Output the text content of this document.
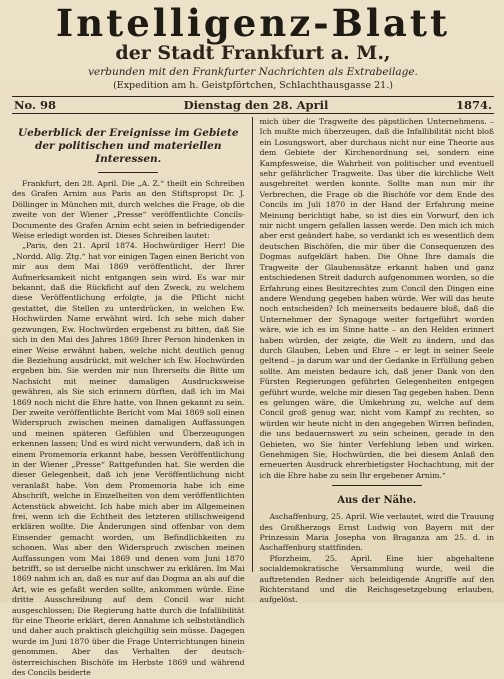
Intelligenz-Blatt
der Stadt Frankfurt a. M.,
verbunden mit den Frankfurter Nachrichten als Extrabeilage.
(Expedition am h. Geistpförtchen, Schlachthausgasse 21.)
No. 98	Dienstag den 28. April	1874.
Ueberblick der Ereignisse im Gebiete der politischen und materiellen Interessen.

Frankfurt, den 28. April. Die „A. Z.“ theilt ein Schreiben des Grafen Arnim aus Paris an den Stiftspropst Dr. J. Döllinger in München mit, durch welches die Frage, ob die zweite von der Wiener „Presse“ veröffentlichte Concils-Documente des Grafen Arnim echt seien in befriedigender Weise erledigt worden ist. Dieses Schreiben lautet:

„Paris, den 21. April 1874. Hochwürdiger Herr! Die „Nordd. Allg. Ztg.“ hat vor einigen Tagen einen Bericht von mir aus dem Mai 1869 veröffentlicht, der Ihrer Aufmerksamkeit nicht entgangen sein wird. Es war mir bekannt, daß die Rückficht auf den Zweck, zu welchem diese Veröffentlichung erfolgte, ja die Pflicht nicht gestattet, die Stellen zu unterdrücken, in welchen Ew. Hochwürden Name erwähnt wird. Ich sehe mich daher gezwungen, Ew. Hochwürden ergebenst zu bitten, daß Sie sich in den Mai des Jahres 1869 Ihrer Person hindenken in einer Weise erwähnt haben, welche nicht deutlich genug die Beziehung ausdrückt, mit welcher ich Ew. Hochwürden ergeben bin. Sie werden mir nun Ihrerseits die Bitte um Nachsicht mit meiner damaligen Ausdrucksweise gewähren, als Sie sich erinnern dürften, daß ich im Mai 1869 noch nicht die Ehre hatte, von Ihnen gekannt zu sein. Der zweite veröffentlichte Bericht vom Mai 1869 soll einen Widerspruch zwischen meinen damaligen Auffassungen und meinen späteren Gefühlen und Überzeugungen erkennen lassen; Und es wird nicht verwundern, daß ich in einem Promemoria erkannt habe, bessen Veröffentlichung in der Wiener „Presse“ Rattgefunden hat. Sie werden die dieser Gelegenheit, daß ich jene Veröffentlichung nicht veranlaßt habe. Von dem Promemoria habe ich eine Abschrift, welche in Einzelheiten von dem veröffentlichten Actenstück abweicht. Ich habe mich aber im Allgemeinen frei, wenn ich die Echtheit des letzteren stillschweigend erklären wollte. Die Änderungen sind offenbar von dem Einsender gemacht worden, um Befindlichkeiten zu schonen. Was aber den Widerspruch zwischen meinen Auffassungen vom Mai 1869 und denen vom Juni 1870 betrifft, so ist derselbe nicht unschwer zu erklären. Im Mai 1869 nahm ich an, daß es nur auf das Dogma an als auf die Art, wie es gefaßt werden sollte, ankommen würde. Eine dritte Ausschreibung auf dem Concil war nicht ausgeschlossen; Die Regierung hatte durch die Infallibilität für eine Theorie erklärt, deren Annahme ich selbstständlich und daher auch praktisch gleichgiltig sein müsse. Dagegen wurde im Juni 1870 über die Frage Unterrichtungen hinein genommen. Aber das Verhalten der deutsch-österreichischen Bischöfe im Herbste 1869 und während des Concils beiderte

mich über die Tragweite des päpstlichen Unternehmens. – Ich mußte mich überzeugen, daß die Infallibilität nicht bloß ein Losungswort, aber durchaus nicht nur eine Theorie aus dem Gebiete der Kirchenordnung sei, sondern eine Kampfesweise, die Wahrheit von politischer und eventuell sehr gefährlicher Tragweite. Das über die kirchliche Welt ausgebreitet werden konnte. Sollte man nun mir ihr Verbrechen, die Frage ob die Bischöfe vor dem Ende des Concils im Juli 1870 in der Hand der Erfahrung meine Meinung berichtigt habe, so ist dies ein Vorwurf, den ich mir nicht ungern gefallen lassen werde. Den mich ich mich aber erst geändert habe, so verdankt ich es wesentlich dem deutschen Bischöfen, die mir über die Consequenzen des Dogmas aufgeklärt haben. Die Ohne Ihre damals die Tragweite der Glaubenssätze erkannt haben und ganz entschiedenen Streit dadurch aufgenommen worden, so die Erfahrung eines Besitzrechtes zum Concil den Dingen eine andere Wendung gegeben haben würde. Wer will das heute noch entscheiden? Ich meinerseits bedauere bloß, daß die Unternehmer der Synagoge weiter fortgeführt worden wäre, wie ich es im Sinne hatte – an den Helden erinnert haben würden, der zeigte, die Welt zu ändern, und das durch Glauben, Leben und Ehre – er legt in seiner Seele geltend – ja darum war und der Gedanke in Erfüllung geben sollte. Am meisten bedaure ich, daß jener Dank von den Fürsten Regierungen geführten Gelegenheiten entgegen geführt wurde, welche mir diesen Tag gegeben haben. Denn es gelungen wäre, die Umkehrung zu, welche auf dem Concil groß genug war, nicht vom Kampf zu rechten, so würden wir heute nicht in den angegeben Wirren befinden, die uns bedauernswert zu sein scheinen, gerade in den Gebieten, wo Sie hinter Verfehlung leben und wirken. Genehmigen Sie, Hochwürden, die bei diesem Anlaß den erneuerten Ausdruck ehrerbietigster Hochachtung, mit der ich die Ehre habe zu sein Ihr ergebener Arnim.“

Aus der Nähe.

Aschaffenburg, 25. April. Wie verlautet, wird die Trauung des Großherzogs Ernst Ludwig von Bayern mit der Prinzessin Maria Josepha von Braganza am 25. d. in Aschaffenburg stattfinden.

Pforzheim, 25. April. Eine hier abgehaltene socialdemokratische Versammlung wurde, weil die auftretenden Redner sich beleidigende Angriffe auf den Richterstand und die Reichsgesetzgebung erlauben, aufgelöst.
